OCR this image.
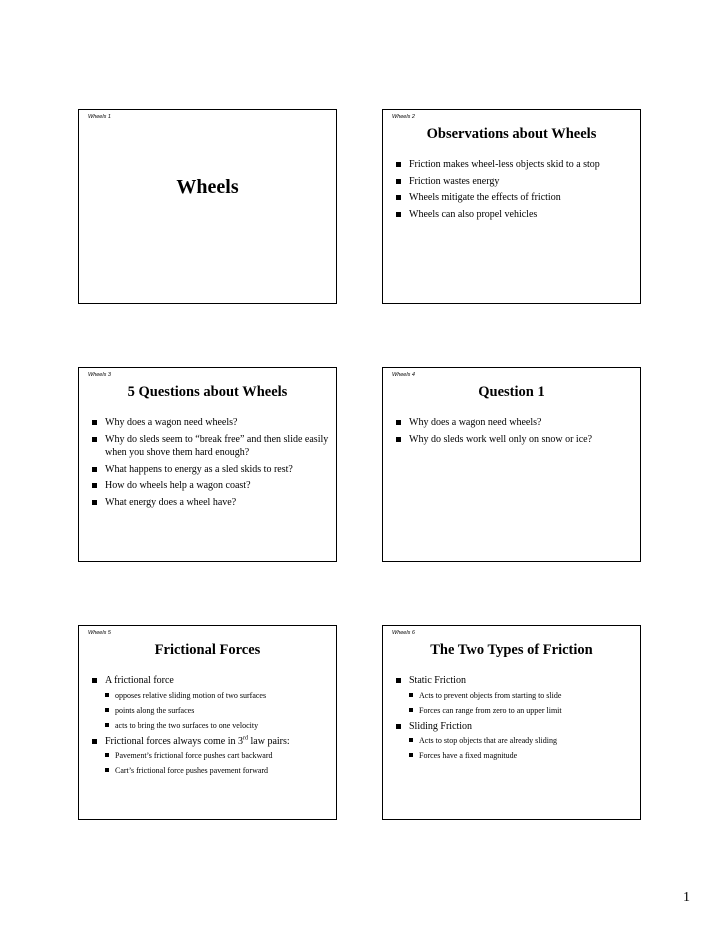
Wheels 1
Wheels
Wheels 2
Observations about Wheels
Friction makes wheel-less objects skid to a stop
Friction wastes energy
Wheels mitigate the effects of friction
Wheels can also propel vehicles
Wheels 3
5 Questions about Wheels
Why does a wagon need wheels?
Why do sleds seem to “break free” and then slide easily when you shove them hard enough?
What happens to energy as a sled skids to rest?
How do wheels help a wagon coast?
What energy does a wheel have?
Wheels 4
Question 1
Why does a wagon need wheels?
Why do sleds work well only on snow or ice?
Wheels 5
Frictional Forces
A frictional force
opposes relative sliding motion of two surfaces
points along the surfaces
acts to bring the two surfaces to one velocity
Frictional forces always come in 3rd law pairs:
Pavement’s frictional force pushes cart backward
Cart’s frictional force pushes pavement forward
Wheels 6
The Two Types of Friction
Static Friction
Acts to prevent objects from starting to slide
Forces can range from zero to an upper limit
Sliding Friction
Acts to stop objects that are already sliding
Forces have a fixed magnitude
1
